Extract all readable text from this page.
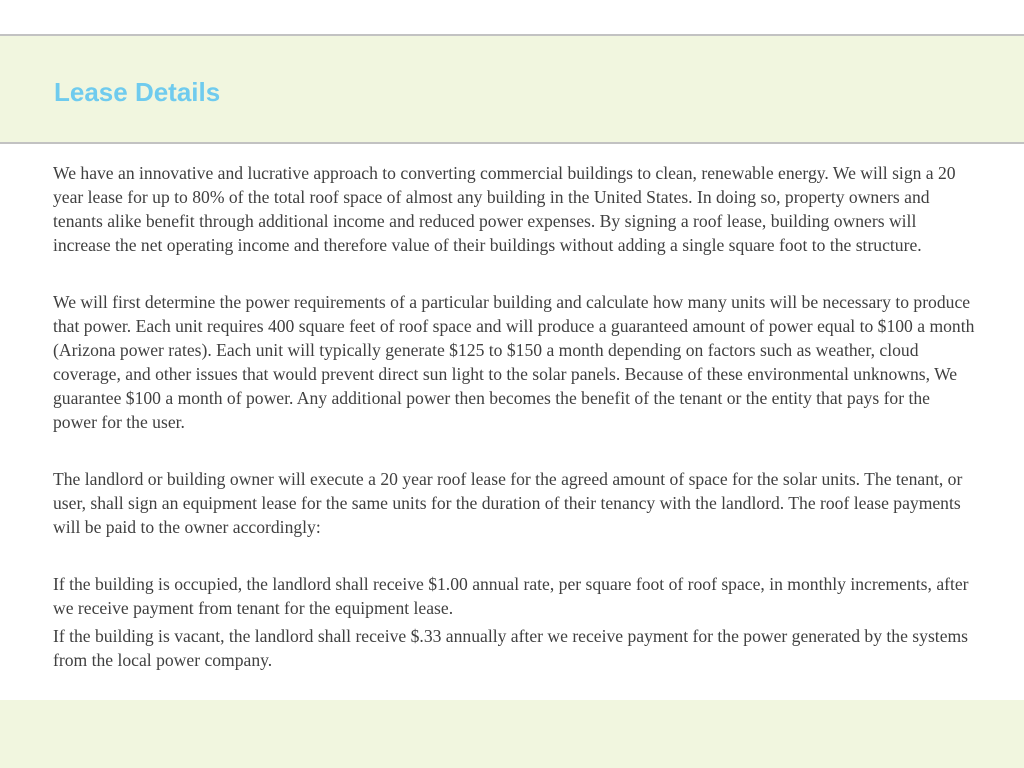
Lease Details

We have an innovative and lucrative approach to converting commercial buildings to clean, renewable energy. We will sign a 20 year lease for up to 80% of the total roof space of almost any building in the United States. In doing so, property owners and tenants alike benefit through additional income and reduced power expenses. By signing a roof lease, building owners will increase the net operating income and therefore value of their buildings without adding a single square foot to the structure.

We will first determine the power requirements of a particular building and calculate how many units will be necessary to produce that power. Each unit requires 400 square feet of roof space and will produce a guaranteed amount of power equal to $100 a month (Arizona power rates). Each unit will typically generate $125 to $150 a month depending on factors such as weather, cloud coverage, and other issues that would prevent direct sun light to the solar panels. Because of these environmental unknowns, We guarantee $100 a month of power. Any additional power then becomes the benefit of the tenant or the entity that pays for the power for the user.

The landlord or building owner will execute a 20 year roof lease for the agreed amount of space for the solar units. The tenant, or user, shall sign an equipment lease for the same units for the duration of their tenancy with the landlord. The roof lease payments will be paid to the owner accordingly:

If the building is occupied, the landlord shall receive $1.00 annual rate, per square foot of roof space, in monthly increments, after we receive payment from tenant for the equipment lease.

If the building is vacant, the landlord shall receive $.33 annually after we receive payment for the power generated by the systems from the local power company.
